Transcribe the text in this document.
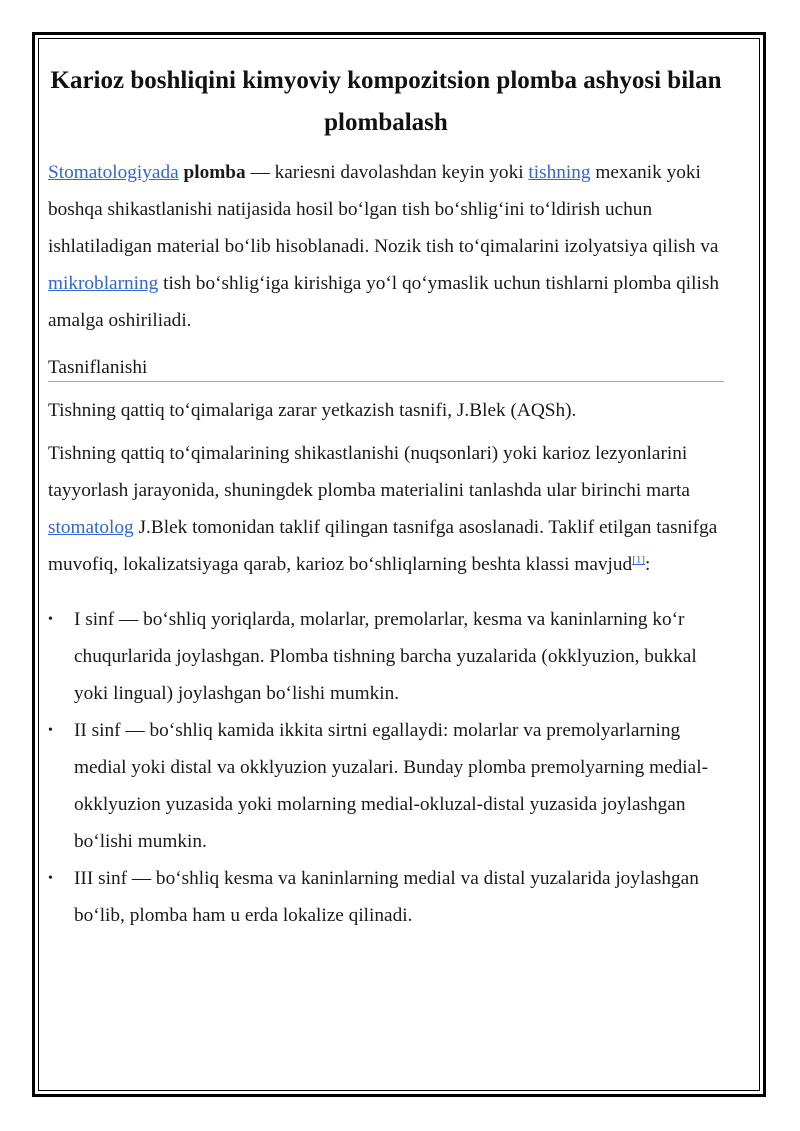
Karioz boshliqini kimyoviy kompozitsion plomba ashyosi bilan plombalash

Stomatologiyada plomba — kariesni davolashdan keyin yoki tishning mexanik yoki boshqa shikastlanishi natijasida hosil bo‘lgan tish bo‘shlig‘ini to‘ldirish uchun ishlatiladigan material bo‘lib hisoblanadi. Nozik tish to‘qimalarini izolyatsiya qilish va mikroblarning tish bo‘shlig‘iga kirishiga yo‘l qo‘ymaslik uchun tishlarni plomba qilish amalga oshiriliadi.

Tasniflanishi

Tishning qattiq to‘qimalariga zarar yetkazish tasnifi, J.Blek (AQSh).

Tishning qattiq to‘qimalarining shikastlanishi (nuqsonlari) yoki karioz lezyonlarini tayyorlash jarayonida, shuningdek plomba materialini tanlashda ular birinchi marta stomatolog J.Blek tomonidan taklif qilingan tasnifga asoslanadi. Taklif etilgan tasnifga muvofiq, lokalizatsiyaga qarab, karioz bo‘shliqlarning beshta klassi mavjud[1]:

• I sinf — bo‘shliq yoriqlarda, molarlar, premolarlar, kesma va kaninlarning ko‘r chuqurlarida joylashgan. Plomba tishning barcha yuzalarida (okklyuzion, bukkal yoki lingual) joylashgan bo‘lishi mumkin.
• II sinf — bo‘shliq kamida ikkita sirtni egallaydi: molarlar va premolyarlarning medial yoki distal va okklyuzion yuzalari. Bunday plomba premolyarning medial-okklyuzion yuzasida yoki molarning medial-okluzal-distal yuzasida joylashgan bo‘lishi mumkin.
• III sinf — bo‘shliq kesma va kaninlarning medial va distal yuzalarida joylashgan bo‘lib, plomba ham u erda lokalize qilinadi.
